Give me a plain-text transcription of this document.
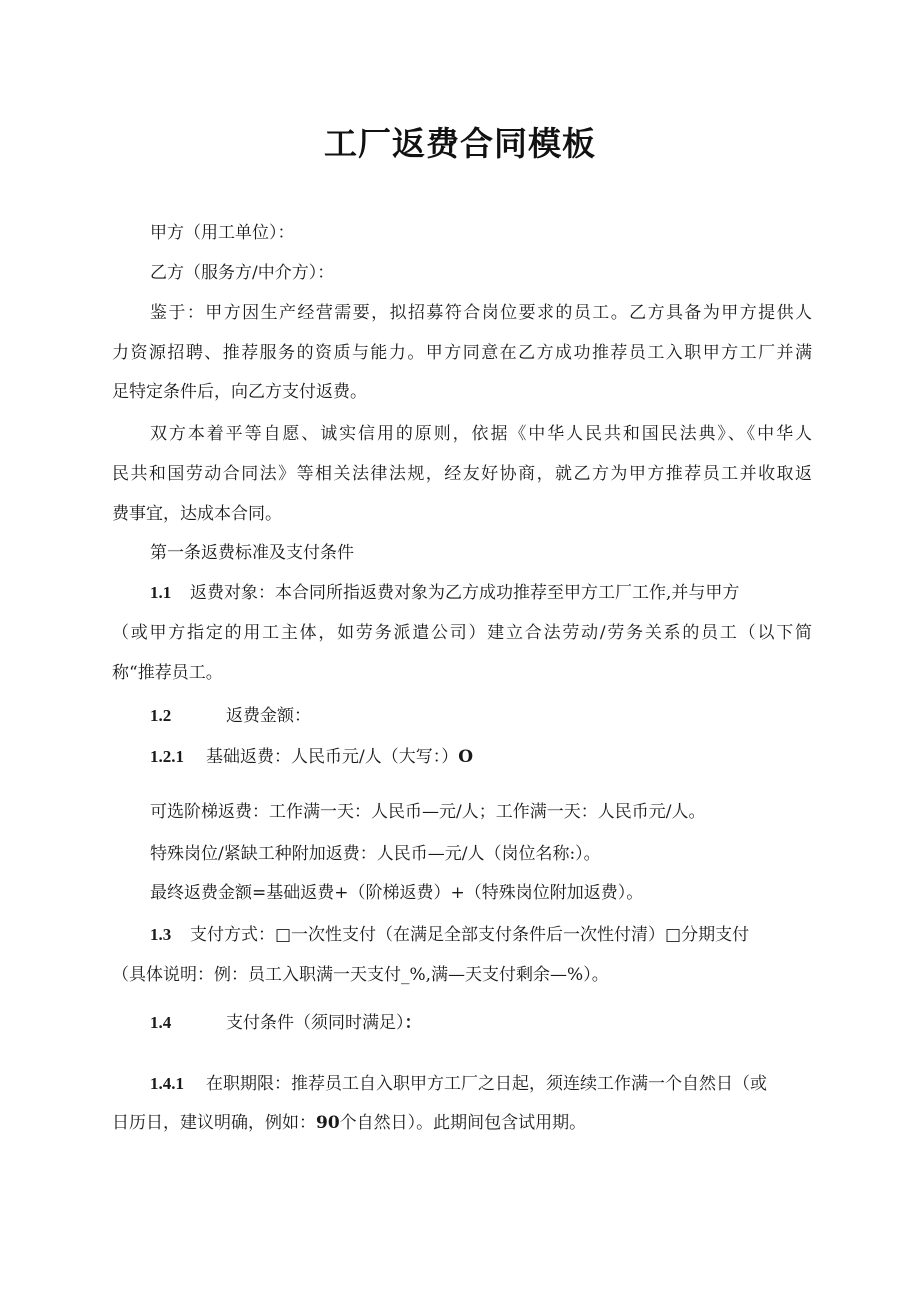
工厂返费合同模板
甲方（用工单位）：
乙方（服务方/中介方）：
鉴于：甲方因生产经营需要，拟招募符合岗位要求的员工。乙方具备为甲方提供人
力资源招聘、推荐服务的资质与能力。甲方同意在乙方成功推荐员工入职甲方工厂并满
足特定条件后，向乙方支付返费。
双方本着平等自愿、诚实信用的原则，依据《中华人民共和国民法典》、《中华人
民共和国劳动合同法》等相关法律法规，经友好协商，就乙方为甲方推荐员工并收取返
费事宜，达成本合同。
第一条返费标准及支付条件
1.1 返费对象：本合同所指返费对象为乙方成功推荐至甲方工厂工作,并与甲方
（或甲方指定的用工主体，如劳务派遣公司）建立合法劳动/劳务关系的员工（以下简
称“推荐员工。
1.2	返费金额：
1.2.1 基础返费：人民币元/人（大写：）O
可选阶梯返费：工作满一天：人民币—元/人；工作满一天：人民币元/人。
特殊岗位/紧缺工种附加返费：人民币—元/人（岗位名称:）。
最终返费金额=基础返费+（阶梯返费）+（特殊岗位附加返费）。
1.3 支付方式：□一次性支付（在满足全部支付条件后一次性付清）□分期支付
（具体说明：例：员工入职满一天支付_%,满—天支付剩余—%）。
1.4	支付条件（须同时满足）：
1.4.1 在职期限：推荐员工自入职甲方工厂之日起，须连续工作满一个自然日（或
日历日，建议明确，例如：90个自然日）。此期间包含试用期。
